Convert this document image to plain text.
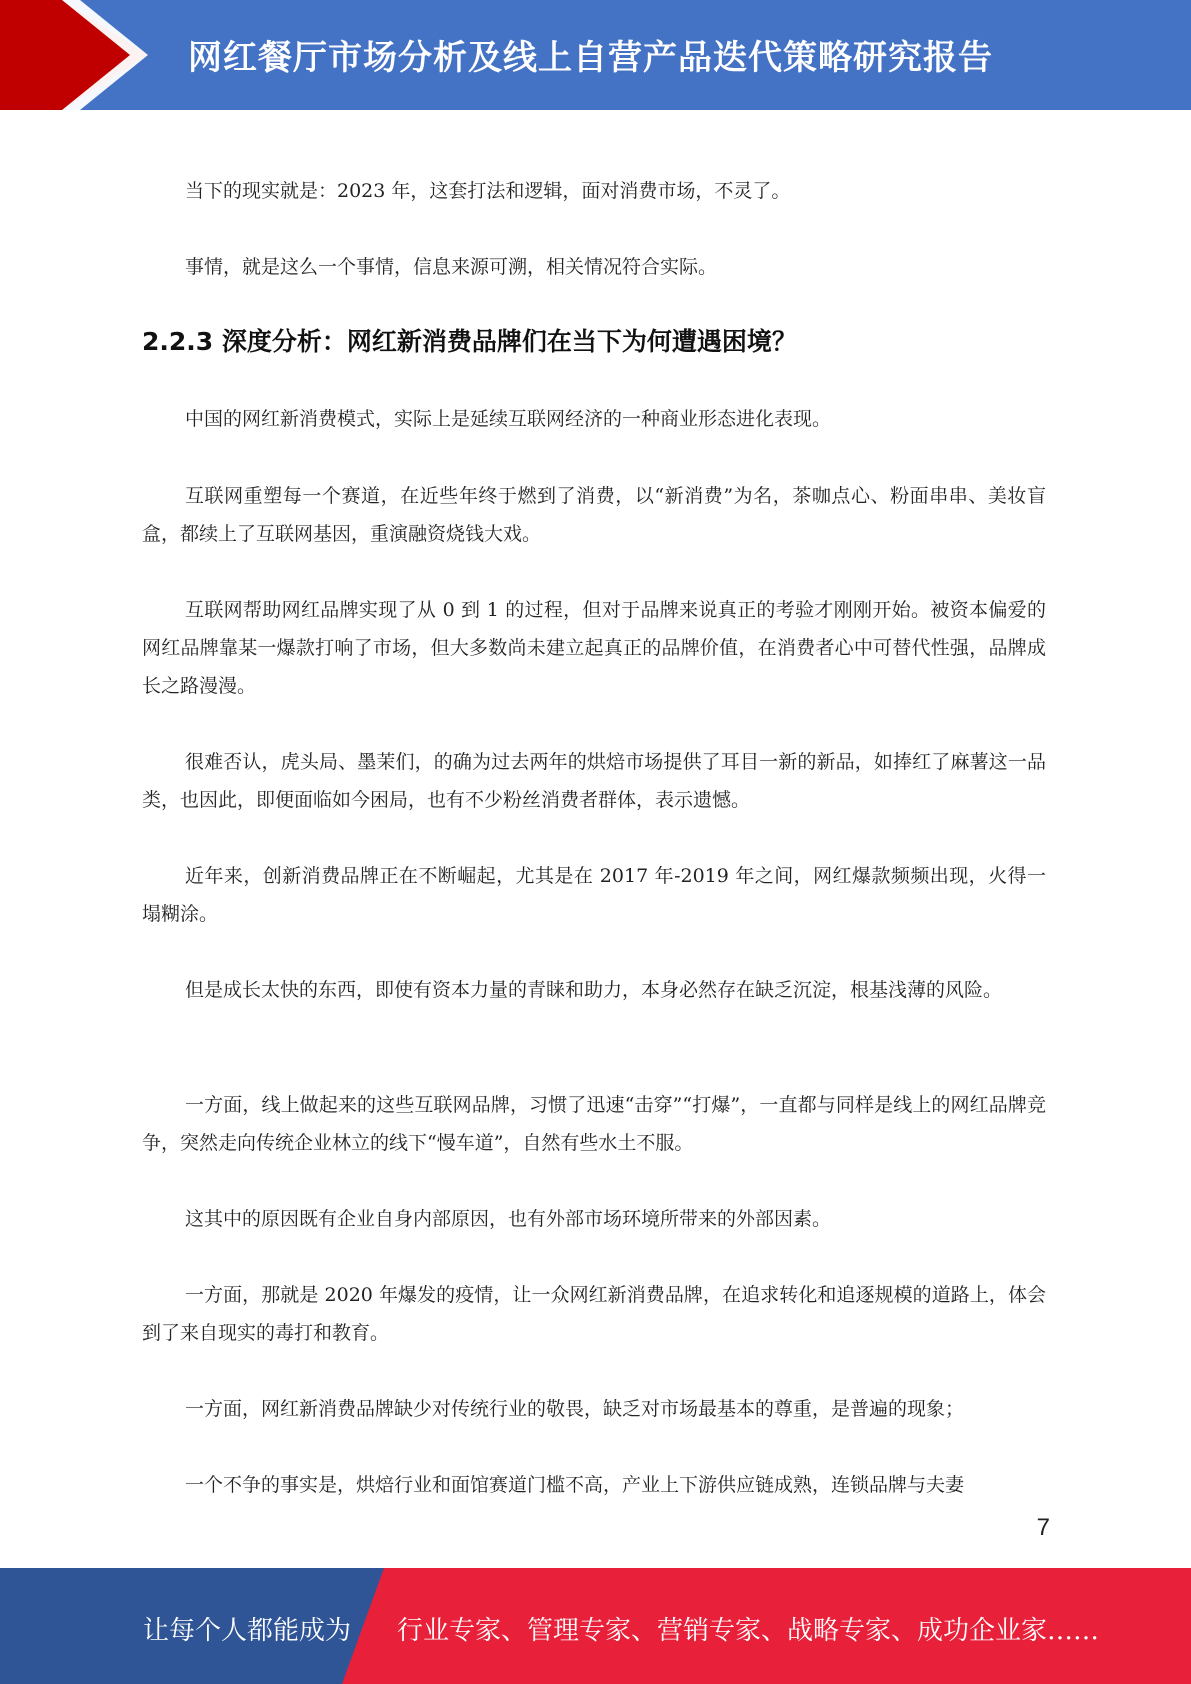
网红餐厅市场分析及线上自营产品迭代策略研究报告

当下的现实就是：2023 年，这套打法和逻辑，面对消费市场，不灵了。

事情，就是这么一个事情，信息来源可溯，相关情况符合实际。

2.2.3 深度分析：网红新消费品牌们在当下为何遭遇困境？

中国的网红新消费模式，实际上是延续互联网经济的一种商业形态进化表现。

互联网重塑每一个赛道，在近些年终于燃到了消费，以“新消费”为名，茶咖点心、粉面串串、美妆盲盒，都续上了互联网基因，重演融资烧钱大戏。

互联网帮助网红品牌实现了从 0 到 1 的过程，但对于品牌来说真正的考验才刚刚开始。被资本偏爱的网红品牌靠某一爆款打响了市场，但大多数尚未建立起真正的品牌价值，在消费者心中可替代性强，品牌成长之路漫漫。

很难否认，虎头局、墨茉们，的确为过去两年的烘焙市场提供了耳目一新的新品，如捧红了麻薯这一品类，也因此，即便面临如今困局，也有不少粉丝消费者群体，表示遗憾。

近年来，创新消费品牌正在不断崛起，尤其是在 2017 年-2019 年之间，网红爆款频频出现，火得一塌糊涂。

但是成长太快的东西，即使有资本力量的青睐和助力，本身必然存在缺乏沉淀，根基浅薄的风险。

一方面，线上做起来的这些互联网品牌，习惯了迅速“击穿”“打爆”，一直都与同样是线上的网红品牌竞争，突然走向传统企业林立的线下“慢车道”，自然有些水土不服。

这其中的原因既有企业自身内部原因，也有外部市场环境所带来的外部因素。

一方面，那就是 2020 年爆发的疫情，让一众网红新消费品牌，在追求转化和追逐规模的道路上，体会到了来自现实的毒打和教育。

一方面，网红新消费品牌缺少对传统行业的敬畏，缺乏对市场最基本的尊重，是普遍的现象；

一个不争的事实是，烘焙行业和面馆赛道门槛不高，产业上下游供应链成熟，连锁品牌与夫妻

7
让每个人都能成为 行业专家、管理专家、营销专家、战略专家、成功企业家……
